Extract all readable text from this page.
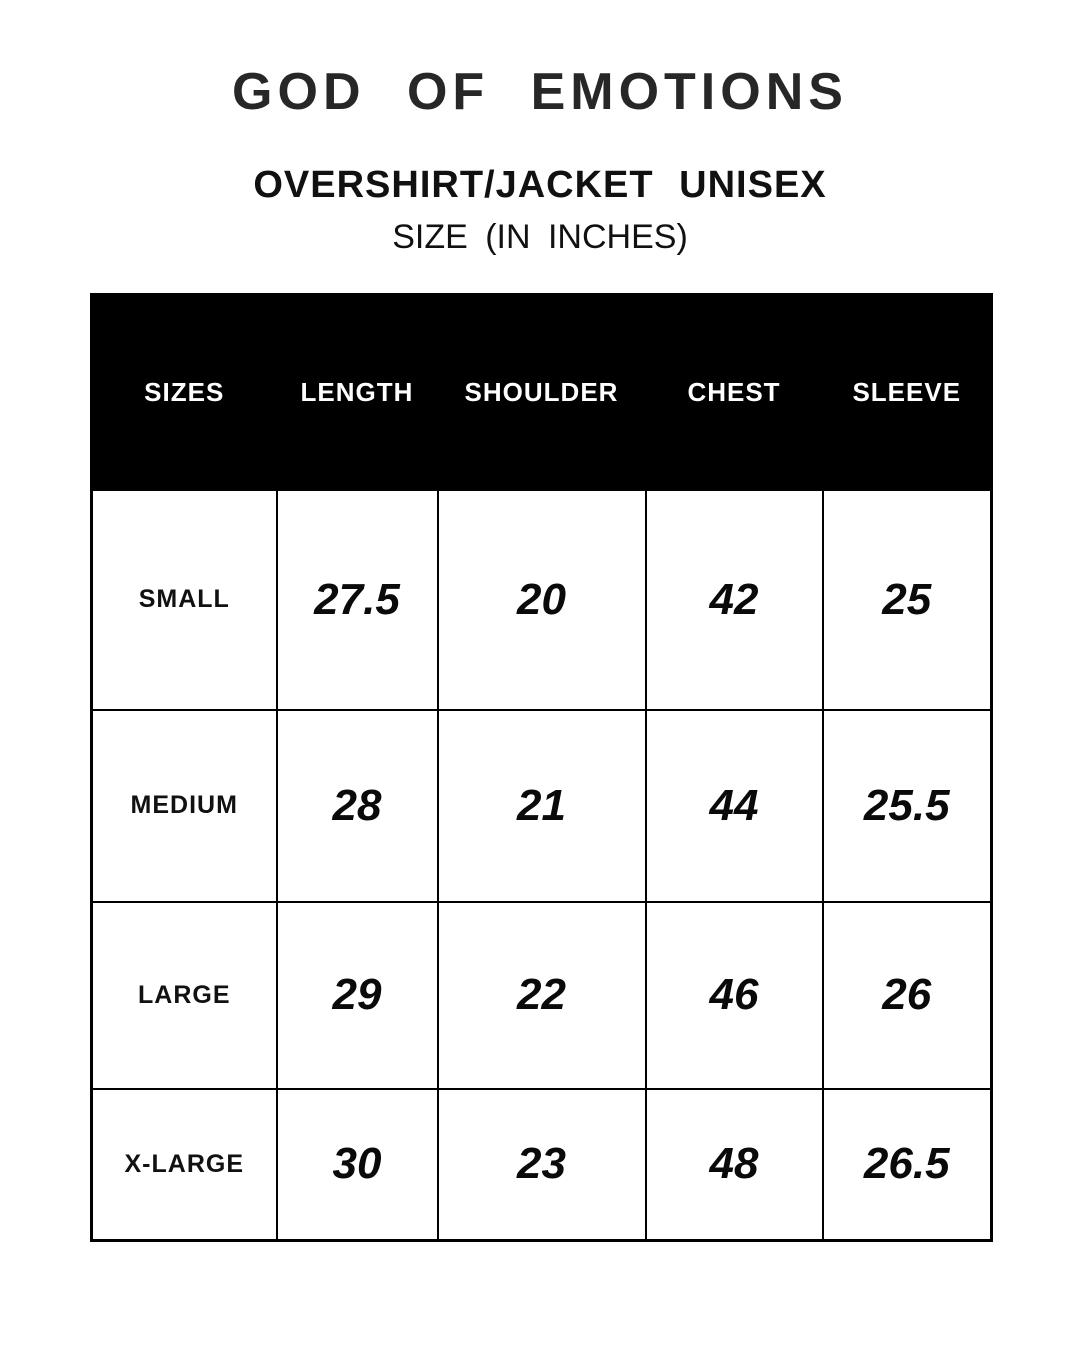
GOD OF EMOTIONS
OVERSHIRT/JACKET UNISEX
SIZE (IN INCHES)
SIZES	LENGTH	SHOULDER	CHEST	SLEEVE
SMALL	27.5	20	42	25
MEDIUM	28	21	44	25.5
LARGE	29	22	46	26
X-LARGE	30	23	48	26.5
